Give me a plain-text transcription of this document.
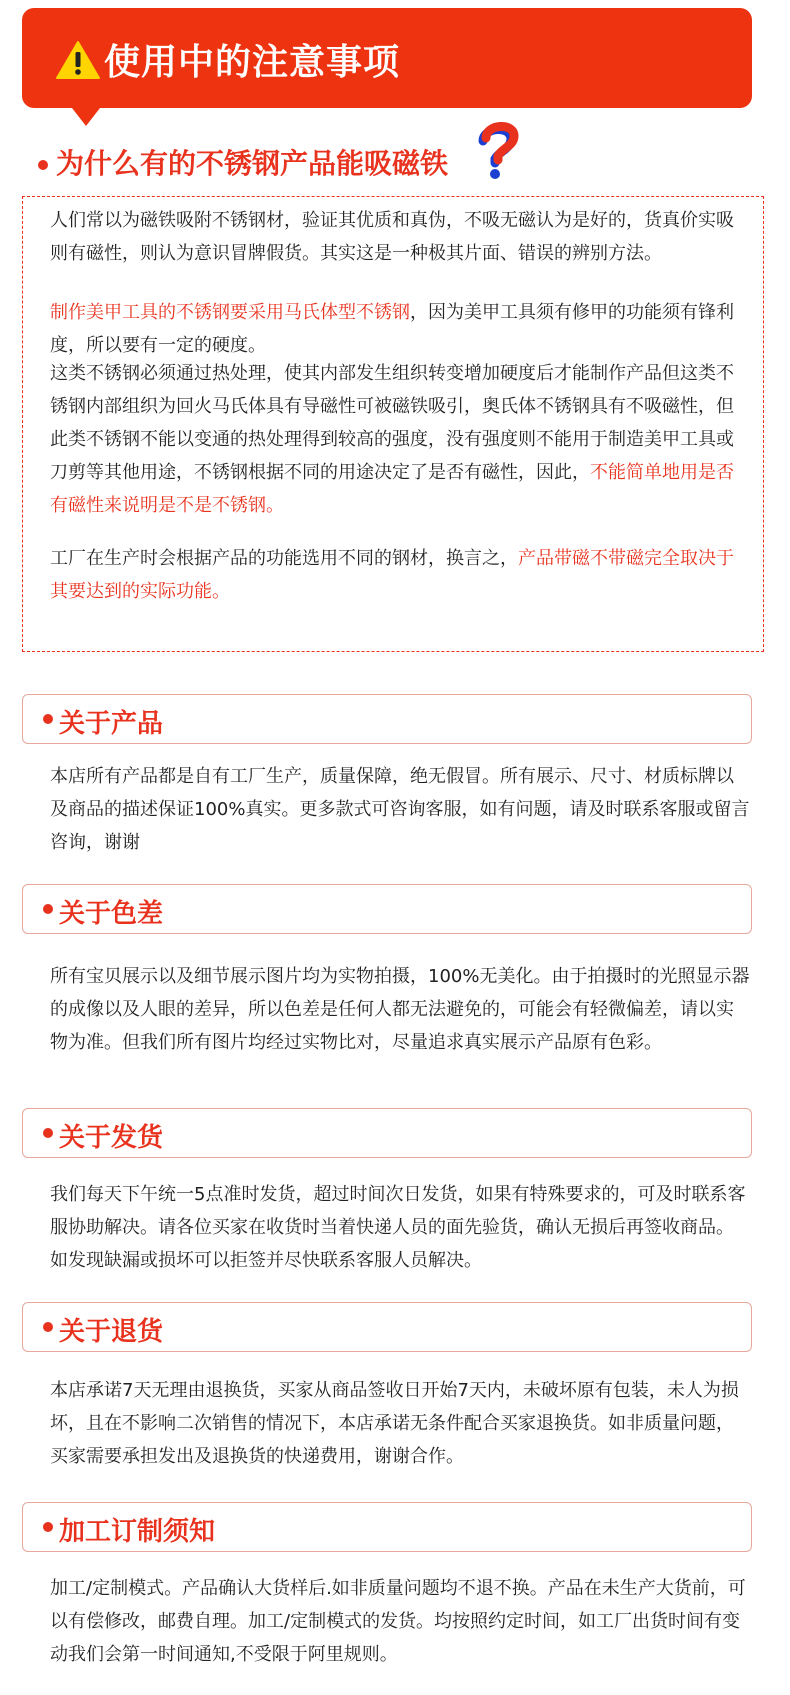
使用中的注意事项
为什么有的不锈钢产品能吸磁铁

人们常以为磁铁吸附不锈钢材，验证其优质和真伪，不吸无磁认为是好的，货真价实吸则有磁性，则认为意识冒牌假货。其实这是一种极其片面、错误的辨别方法。

制作美甲工具的不锈钢要采用马氏体型不锈钢，因为美甲工具须有修甲的功能须有锋利度，所以要有一定的硬度。

这类不锈钢必须通过热处理，使其内部发生组织转变增加硬度后才能制作产品但这类不锈钢内部组织为回火马氏体具有导磁性可被磁铁吸引，奥氏体不锈钢具有不吸磁性，但此类不锈钢不能以变通的热处理得到较高的强度，没有强度则不能用于制造美甲工具或刀剪等其他用途，不锈钢根据不同的用途决定了是否有磁性，因此，不能简单地用是否有磁性来说明是不是不锈钢。

工厂在生产时会根据产品的功能选用不同的钢材，换言之，产品带磁不带磁完全取决于其要达到的实际功能。

关于产品

本店所有产品都是自有工厂生产，质量保障，绝无假冒。所有展示、尺寸、材质标牌以及商品的描述保证100%真实。更多款式可咨询客服，如有问题，请及时联系客服或留言咨询，谢谢

关于色差

所有宝贝展示以及细节展示图片均为实物拍摄，100%无美化。由于拍摄时的光照显示器的成像以及人眼的差异，所以色差是任何人都无法避免的，可能会有轻微偏差，请以实物为准。但我们所有图片均经过实物比对，尽量追求真实展示产品原有色彩。

关于发货

我们每天下午统一5点准时发货，超过时间次日发货，如果有特殊要求的，可及时联系客服协助解决。请各位买家在收货时当着快递人员的面先验货，确认无损后再签收商品。如发现缺漏或损坏可以拒签并尽快联系客服人员解决。

关于退货

本店承诺7天无理由退换货，买家从商品签收日开始7天内，未破坏原有包装，未人为损坏，且在不影响二次销售的情况下，本店承诺无条件配合买家退换货。如非质量问题，买家需要承担发出及退换货的快递费用，谢谢合作。

加工订制须知

加工/定制模式。产品确认大货样后.如非质量问题均不退不换。产品在未生产大货前，可以有偿修改，邮费自理。加工/定制模式的发货。均按照约定时间，如工厂出货时间有变动我们会第一时间通知,不受限于阿里规则。
